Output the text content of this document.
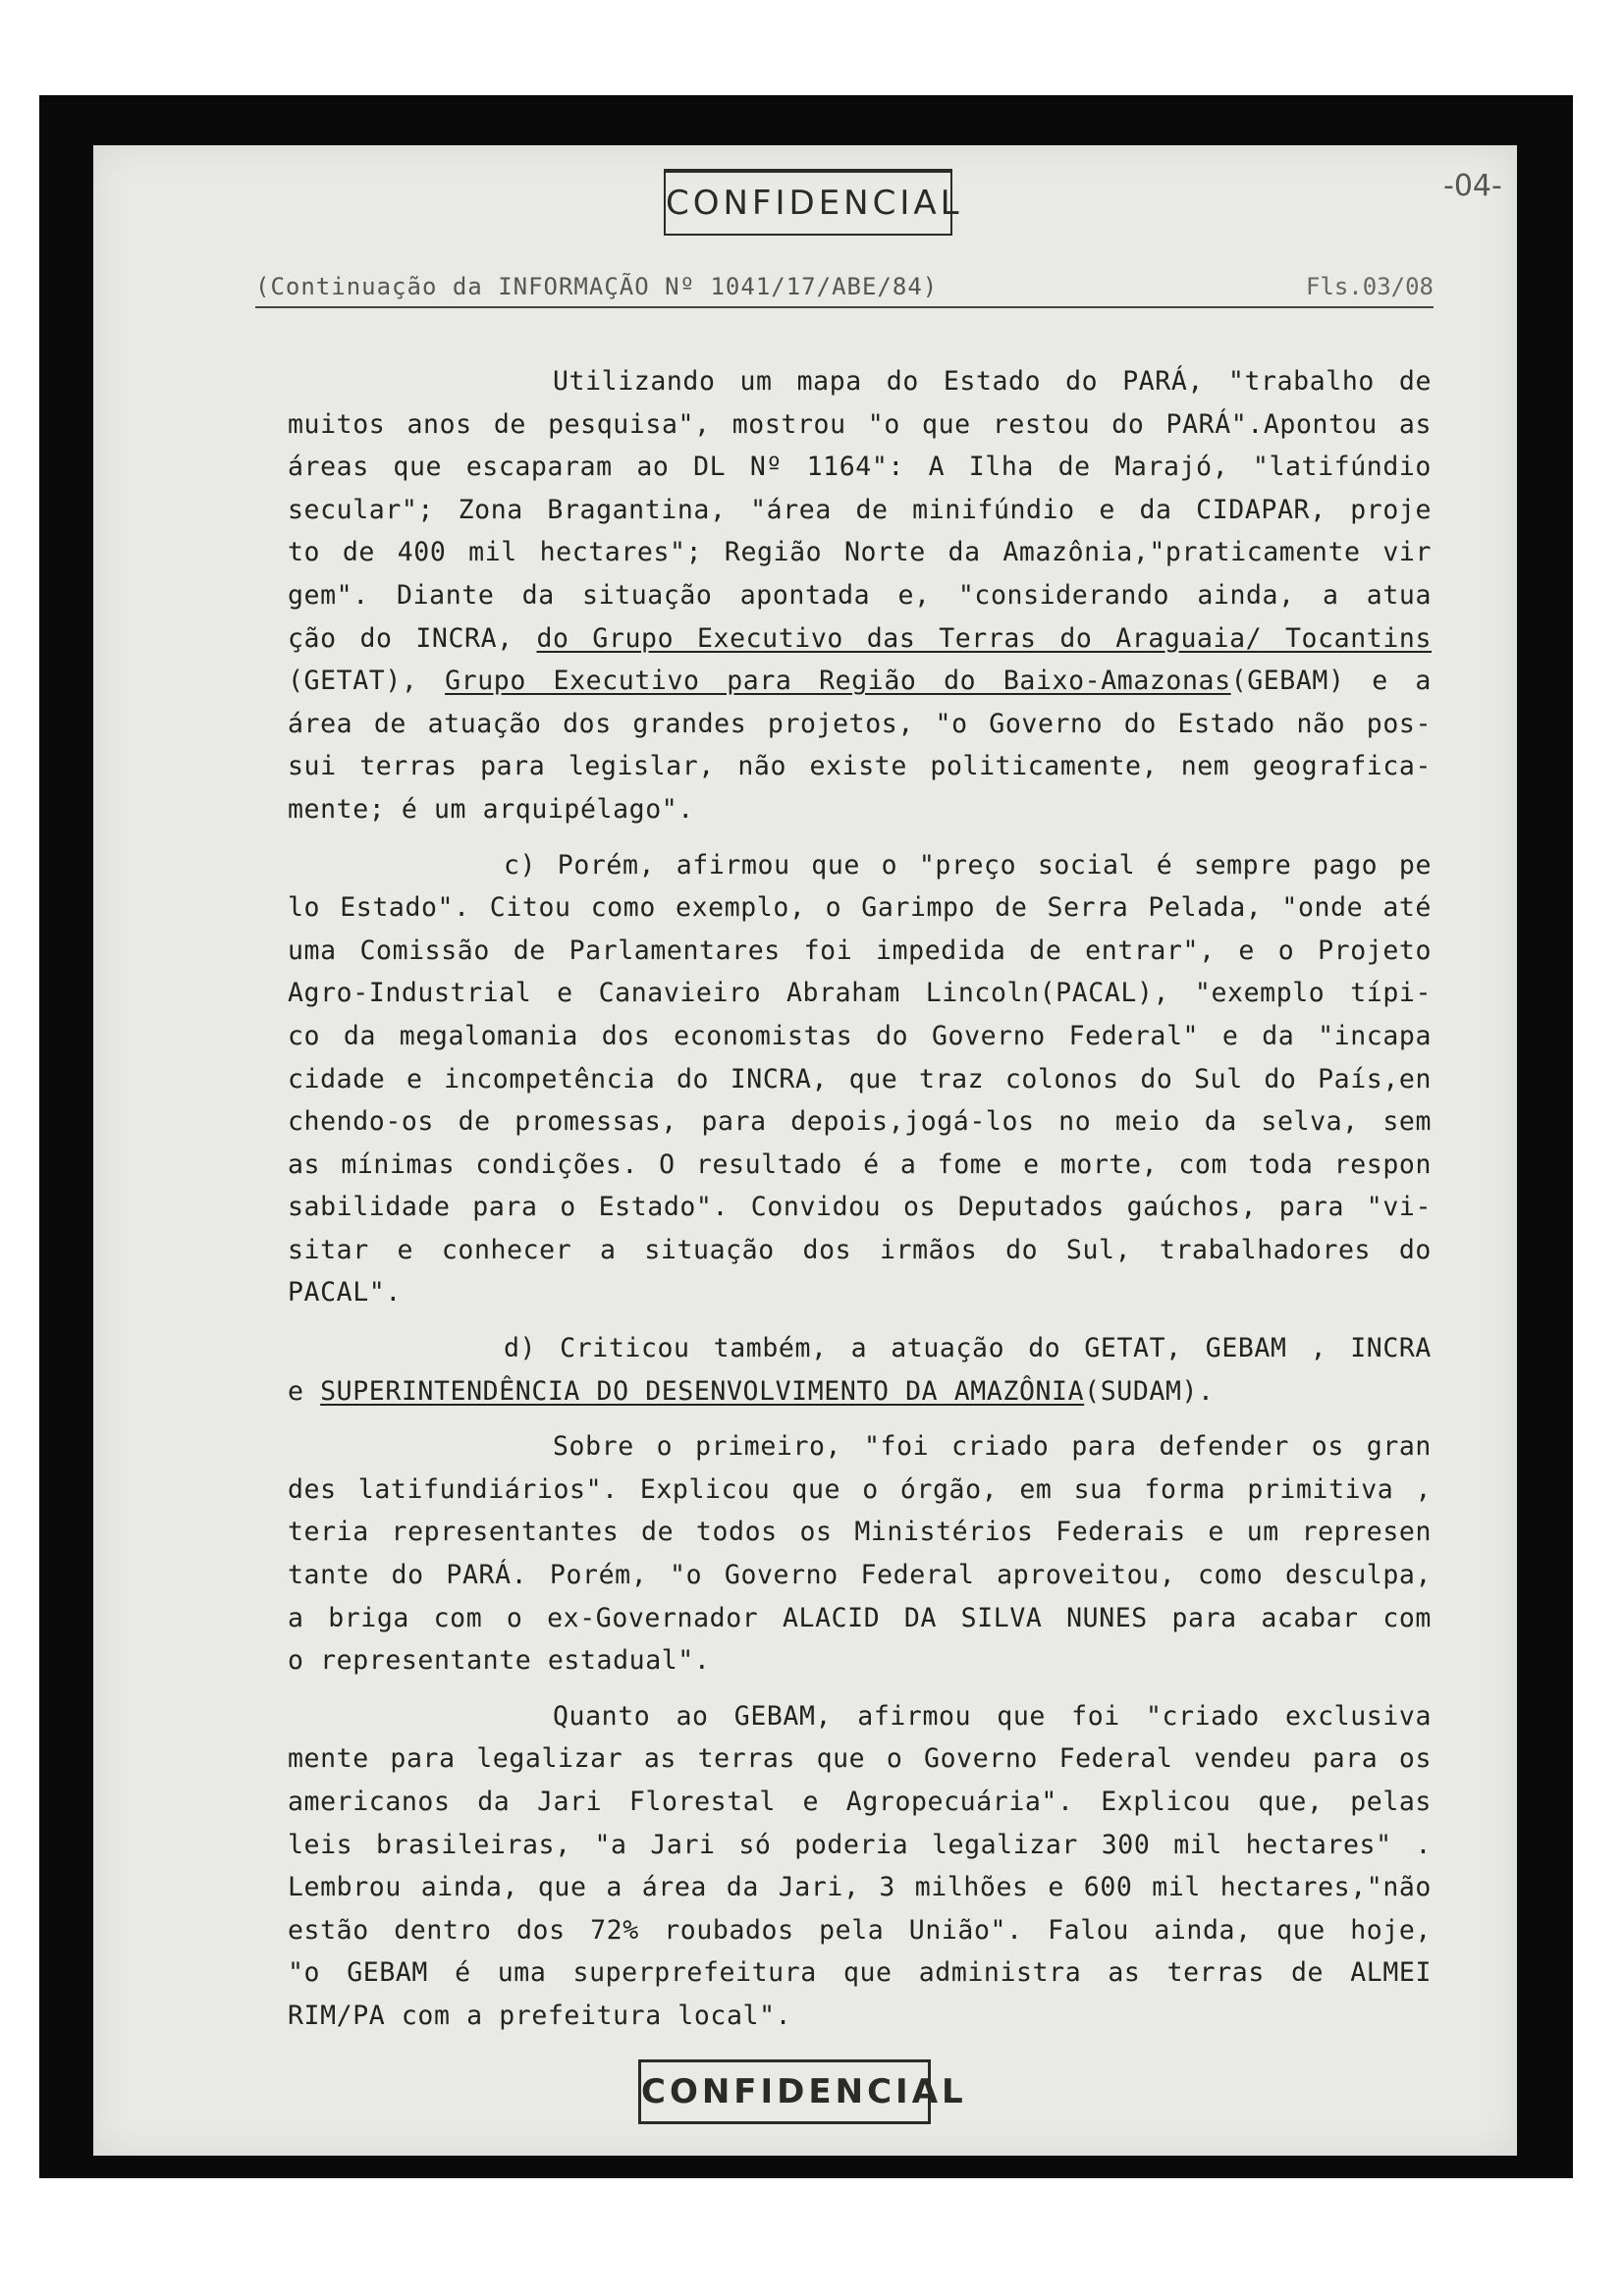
CONFIDENCIAL	-04-
(Continuação da INFORMAÇÃO Nº 1041/17/ABE/84)	Fls.03/08
Utilizando um mapa do Estado do PARÁ, "trabalho de
muitos anos de pesquisa", mostrou "o que restou do PARÁ".Apontou as
áreas que escaparam ao DL Nº 1164": A Ilha de Marajó, "latifúndio
secular"; Zona Bragantina, "área de minifúndio e da CIDAPAR, proje
to de 400 mil hectares"; Região Norte da Amazônia,"praticamente vir
gem". Diante da situação apontada e, "considerando ainda, a atua
ção do INCRA, do Grupo Executivo das Terras do Araguaia/ Tocantins
(GETAT), Grupo Executivo para Região do Baixo-Amazonas(GEBAM) e a
área de atuação dos grandes projetos, "o Governo do Estado não pos-
sui terras para legislar, não existe politicamente, nem geografica-
mente; é um arquipélago".
c) Porém, afirmou que o "preço social é sempre pago pe
lo Estado". Citou como exemplo, o Garimpo de Serra Pelada, "onde até
uma Comissão de Parlamentares foi impedida de entrar", e o Projeto
Agro-Industrial e Canavieiro Abraham Lincoln(PACAL), "exemplo típi-
co da megalomania dos economistas do Governo Federal" e da "incapa
cidade e incompetência do INCRA, que traz colonos do Sul do País,en
chendo-os de promessas, para depois,jogá-los no meio da selva, sem
as mínimas condições. O resultado é a fome e morte, com toda respon
sabilidade para o Estado". Convidou os Deputados gaúchos, para "vi-
sitar e conhecer a situação dos irmãos do Sul, trabalhadores do
PACAL".
d) Criticou também, a atuação do GETAT, GEBAM , INCRA
e SUPERINTENDÊNCIA DO DESENVOLVIMENTO DA AMAZÔNIA(SUDAM).
Sobre o primeiro, "foi criado para defender os gran
des latifundiários". Explicou que o órgão, em sua forma primitiva ,
teria representantes de todos os Ministérios Federais e um represen
tante do PARÁ. Porém, "o Governo Federal aproveitou, como desculpa,
a briga com o ex-Governador ALACID DA SILVA NUNES para acabar com
o representante estadual".
Quanto ao GEBAM, afirmou que foi "criado exclusiva
mente para legalizar as terras que o Governo Federal vendeu para os
americanos da Jari Florestal e Agropecuária". Explicou que, pelas
leis brasileiras, "a Jari só poderia legalizar 300 mil hectares" .
Lembrou ainda, que a área da Jari, 3 milhões e 600 mil hectares,"não
estão dentro dos 72% roubados pela União". Falou ainda, que hoje,
"o GEBAM é uma superprefeitura que administra as terras de ALMEI
RIM/PA com a prefeitura local".
CONFIDENCIAL
